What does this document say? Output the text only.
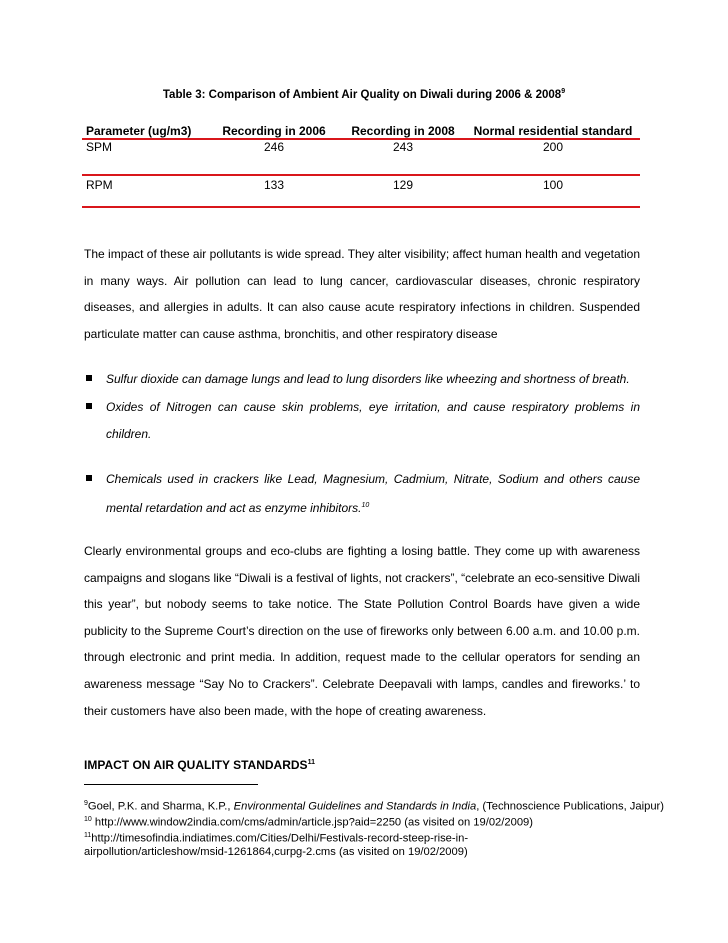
Table 3: Comparison of Ambient Air Quality on Diwali during 2006 & 2008$^9$
Parameter (ug/m3)	Recording in 2006	Recording in 2008	Normal residential standard
SPM	246	243	200
RPM	133	129	100
The impact of these air pollutants is wide spread. They alter visibility; affect human health and vegetation
in many ways. Air pollution can lead to lung cancer, cardiovascular diseases, chronic respiratory
diseases, and allergies in adults. It can also cause acute respiratory infections in children. Suspended
particulate matter can cause asthma, bronchitis, and other respiratory disease
Sulfur dioxide can damage lungs and lead to lung disorders like wheezing and shortness of breath.
Oxides of Nitrogen can cause skin problems, eye irritation, and cause respiratory problems in
children.
Chemicals used in crackers like Lead, Magnesium, Cadmium, Nitrate, Sodium and others cause
mental retardation and act as enzyme inhibitors.$^{10}$
Clearly environmental groups and eco-clubs are fighting a losing battle. They come up with awareness
campaigns and slogans like “Diwali is a festival of lights, not crackers”, “celebrate an eco-sensitive Diwali
this year”, but nobody seems to take notice. The State Pollution Control Boards have given a wide
publicity to the Supreme Court’s direction on the use of fireworks only between 6.00 a.m. and 10.00 p.m.
through electronic and print media. In addition, request made to the cellular operators for sending an
awareness message “Say No to Crackers”. Celebrate Deepavali with lamps, candles and fireworks.’ to
their customers have also been made, with the hope of creating awareness.
IMPACT ON AIR QUALITY STANDARDS$^{11}$
$^9$Goel, P.K. and Sharma, K.P., Environmental Guidelines and Standards in India, (Technoscience Publications, Jaipur)
$^{10}$ http://www.window2india.com/cms/admin/article.jsp?aid=2250 (as visited on 19/02/2009)
$^{11}$http://timesofindia.indiatimes.com/Cities/Delhi/Festivals-record-steep-rise-in-
airpollution/articleshow/msid-1261864,curpg-2.cms (as visited on 19/02/2009)
